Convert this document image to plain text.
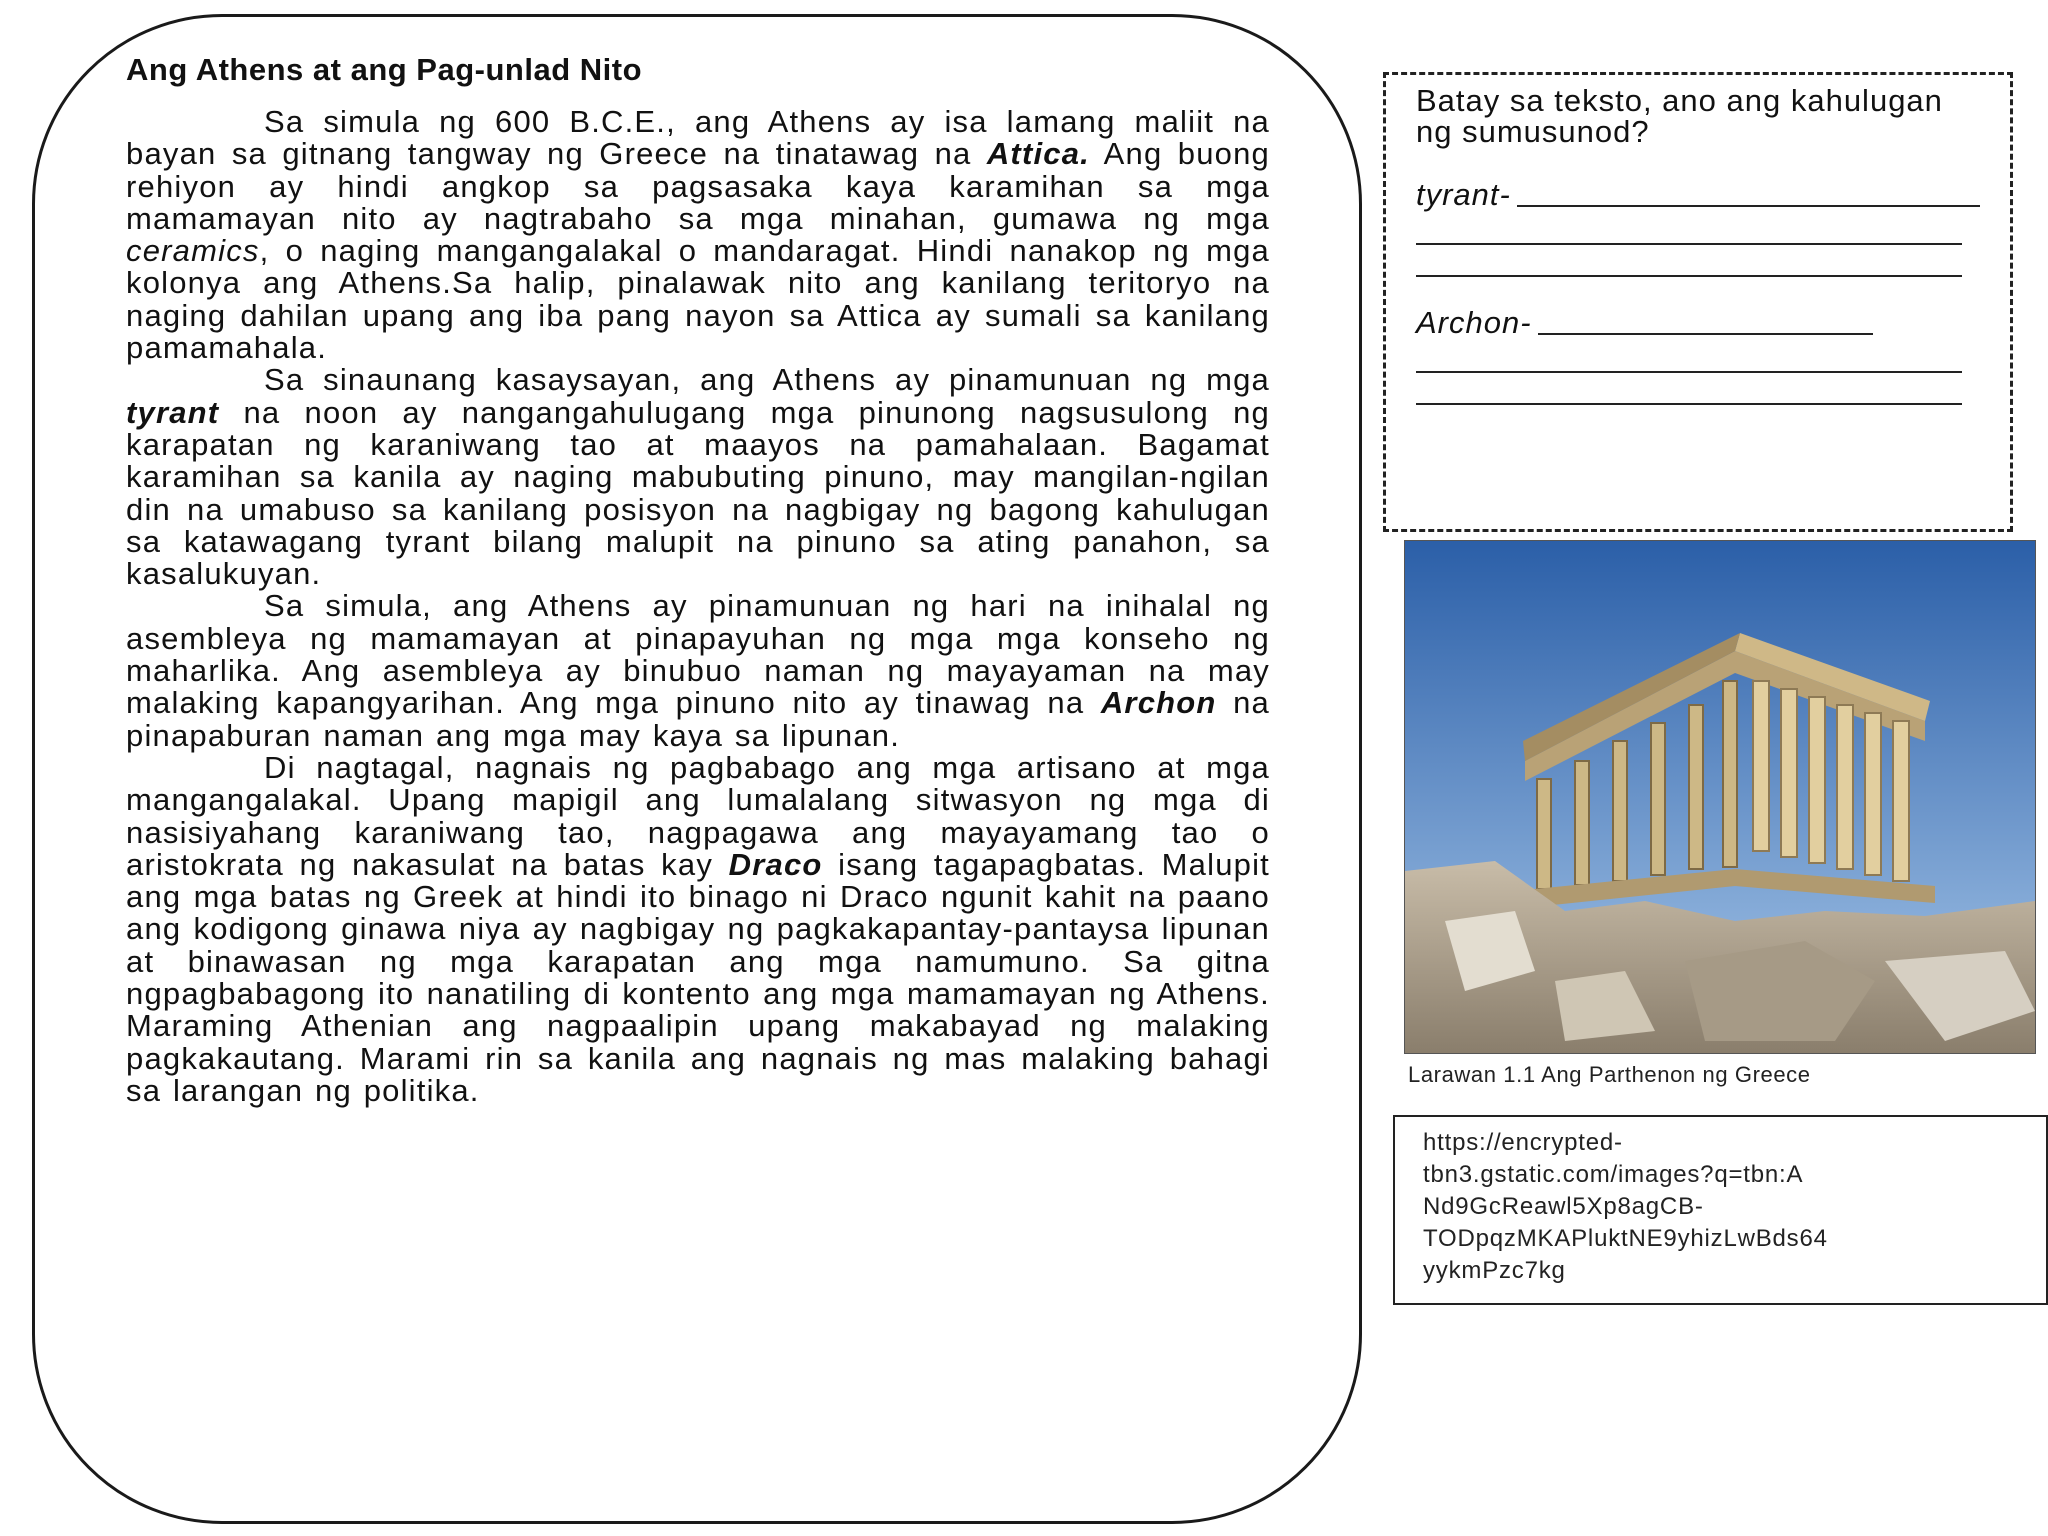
Ang Athens at ang Pag-unlad Nito

Sa simula ng 600 B.C.E., ang Athens ay isa lamang maliit na bayan sa gitnang tangway ng Greece na tinatawag na Attica. Ang buong rehiyon ay hindi angkop sa pagsasaka kaya karamihan sa mga mamamayan nito ay nagtrabaho sa mga minahan, gumawa ng mga ceramics, o naging mangangalakal o mandaragat. Hindi nanakop ng mga kolonya ang Athens.Sa halip, pinalawak nito ang kanilang teritoryo na naging dahilan upang ang iba pang nayon sa Attica ay sumali sa kanilang pamamahala.

Sa sinaunang kasaysayan, ang Athens ay pinamunuan ng mga tyrant na noon ay nangangahulugang mga pinunong nagsusulong ng karapatan ng karaniwang tao at maayos na pamahalaan. Bagamat karamihan sa kanila ay naging mabubuting pinuno, may mangilan-ngilan din na umabuso sa kanilang posisyon na nagbigay ng bagong kahulugan sa katawagang tyrant bilang malupit na pinuno sa ating panahon, sa kasalukuyan.

Sa simula, ang Athens ay pinamunuan ng hari na inihalal ng asembleya ng mamamayan at pinapayuhan ng mga mga konseho ng maharlika. Ang asembleya ay binubuo naman ng mayayaman na may malaking kapangyarihan. Ang mga pinuno nito ay tinawag na Archon na pinapaburan naman ang mga may kaya sa lipunan.

Di nagtagal, nagnais ng pagbabago ang mga artisano at mga mangangalakal. Upang mapigil ang lumalalang sitwasyon ng mga di nasisiyahang karaniwang tao, nagpagawa ang mayayamang tao o aristokrata ng nakasulat na batas kay Draco isang tagapagbatas. Malupit ang mga batas ng Greek at hindi ito binago ni Draco ngunit kahit na paano ang kodigong ginawa niya ay nagbigay ng pagkakapantay-pantaysa lipunan at binawasan ng mga karapatan ang mga namumuno. Sa gitna ngpagbabagong ito nanatiling di kontento ang mga mamamayan ng Athens. Maraming Athenian ang nagpaalipin upang makabayad ng malaking pagkakautang. Marami rin sa kanila ang nagnais ng mas malaking bahagi sa larangan ng politika.

Batay sa teksto, ano ang kahulugan ng sumusunod?
tyrant-
Archon-
Larawan 1.1 Ang Parthenon ng Greece
https://encrypted-
tbn3.gstatic.com/images?q=tbn:A
Nd9GcReawl5Xp8agCB-
TODpqzMKAPluktNE9yhizLwBds64
yykmPzc7kg
